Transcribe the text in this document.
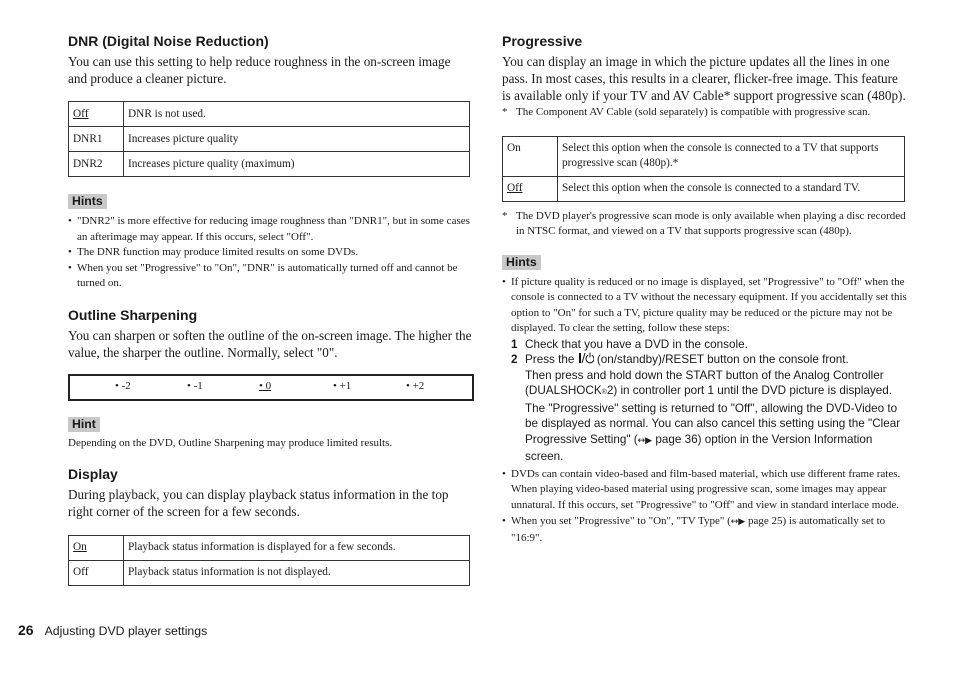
DNR (Digital Noise Reduction)

You can use this setting to help reduce roughness in the on-screen image and produce a cleaner picture.

Off	DNR is not used.
DNR1	Increases picture quality
DNR2	Increases picture quality (maximum)
Hints
• "DNR2" is more effective for reducing image roughness than "DNR1", but in some cases an afterimage may appear. If this occurs, select "Off".
• The DNR function may produce limited results on some DVDs.
• When you set "Progressive" to "On", "DNR" is automatically turned off and cannot be turned on.
Outline Sharpening

You can sharpen or soften the outline of the on-screen image. The higher the value, the sharper the outline. Normally, select "0".

• -2	• -1	• 0	• +1	• +2
Hint
Depending on the DVD, Outline Sharpening may produce limited results.
Display

During playback, you can display playback status information in the top right corner of the screen for a few seconds.

On	Playback status information is displayed for a few seconds.
Off	Playback status information is not displayed.
Progressive

You can display an image in which the picture updates all the lines in one pass. In most cases, this results in a clearer, flicker-free image. This feature is available only if your TV and AV Cable* support progressive scan (480p).

* The Component AV Cable (sold separately) is compatible with progressive scan.
On	Select this option when the console is connected to a TV that supports progressive scan (480p).*
Off	Select this option when the console is connected to a standard TV.
* The DVD player's progressive scan mode is only available when playing a disc recorded in NTSC format, and viewed on a TV that supports progressive scan (480p).
Hints
• If picture quality is reduced or no image is displayed, set "Progressive" to "Off" when the console is connected to a TV without the necessary equipment. If you accidentally set this option to "On" for such a TV, picture quality may be reduced or the picture may not be displayed. To clear the setting, follow these steps:
1 Check that you have a DVD in the console.
2 Press the (on/standby)/RESET button on the console front.
Then press and hold down the START button of the Analog Controller (DUALSHOCK®2) in controller port 1 until the DVD picture is displayed. The "Progressive" setting is returned to "Off", allowing the DVD-Video to be displayed as normal. You can also cancel this setting using the "Clear Progressive Setting" (↔▶ page 36) option in the Version Information screen.
• DVDs can contain video-based and film-based material, which use different frame rates. When playing video-based material using progressive scan, some images may appear unnatural. If this occurs, set "Progressive" to "Off" and view in standard interlace mode.
• When you set "Progressive" to "On", "TV Type" (↔▶ page 25) is automatically set to "16:9".
26 Adjusting DVD player settings
